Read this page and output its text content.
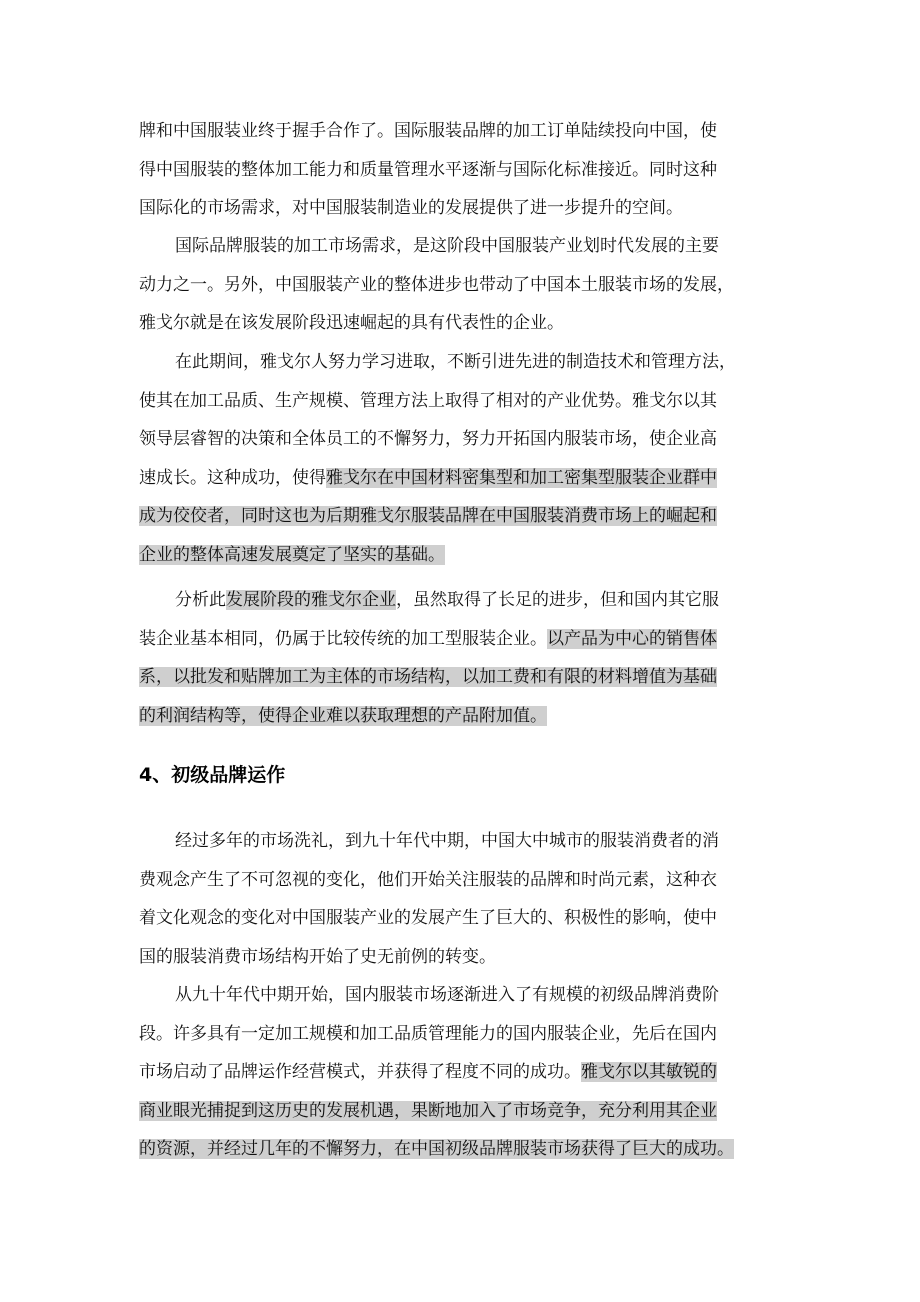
牌和中国服装业终于握手合作了。国际服装品牌的加工订单陆续投向中国，使
得中国服装的整体加工能力和质量管理水平逐渐与国际化标准接近。同时这种
国际化的市场需求，对中国服装制造业的发展提供了进一步提升的空间。
国际品牌服装的加工市场需求，是这阶段中国服装产业划时代发展的主要
动力之一。另外，中国服装产业的整体进步也带动了中国本土服装市场的发展，
雅戈尔就是在该发展阶段迅速崛起的具有代表性的企业。
在此期间，雅戈尔人努力学习进取，不断引进先进的制造技术和管理方法，
使其在加工品质、生产规模、管理方法上取得了相对的产业优势。雅戈尔以其
领导层睿智的决策和全体员工的不懈努力，努力开拓国内服装市场，使企业高
速成长。这种成功，使得雅戈尔在中国材料密集型和加工密集型服装企业群中
成为佼佼者，同时这也为后期雅戈尔服装品牌在中国服装消费市场上的崛起和
企业的整体高速发展奠定了坚实的基础。
分析此发展阶段的雅戈尔企业，虽然取得了长足的进步，但和国内其它服
装企业基本相同，仍属于比较传统的加工型服装企业。以产品为中心的销售体
系，以批发和贴牌加工为主体的市场结构，以加工费和有限的材料增值为基础
的利润结构等，使得企业难以获取理想的产品附加值。
4、初级品牌运作
经过多年的市场洗礼，到九十年代中期，中国大中城市的服装消费者的消
费观念产生了不可忽视的变化，他们开始关注服装的品牌和时尚元素，这种衣
着文化观念的变化对中国服装产业的发展产生了巨大的、积极性的影响，使中
国的服装消费市场结构开始了史无前例的转变。
从九十年代中期开始，国内服装市场逐渐进入了有规模的初级品牌消费阶
段。许多具有一定加工规模和加工品质管理能力的国内服装企业，先后在国内
市场启动了品牌运作经营模式，并获得了程度不同的成功。雅戈尔以其敏锐的
商业眼光捕捉到这历史的发展机遇，果断地加入了市场竞争，充分利用其企业
的资源，并经过几年的不懈努力，在中国初级品牌服装市场获得了巨大的成功。
